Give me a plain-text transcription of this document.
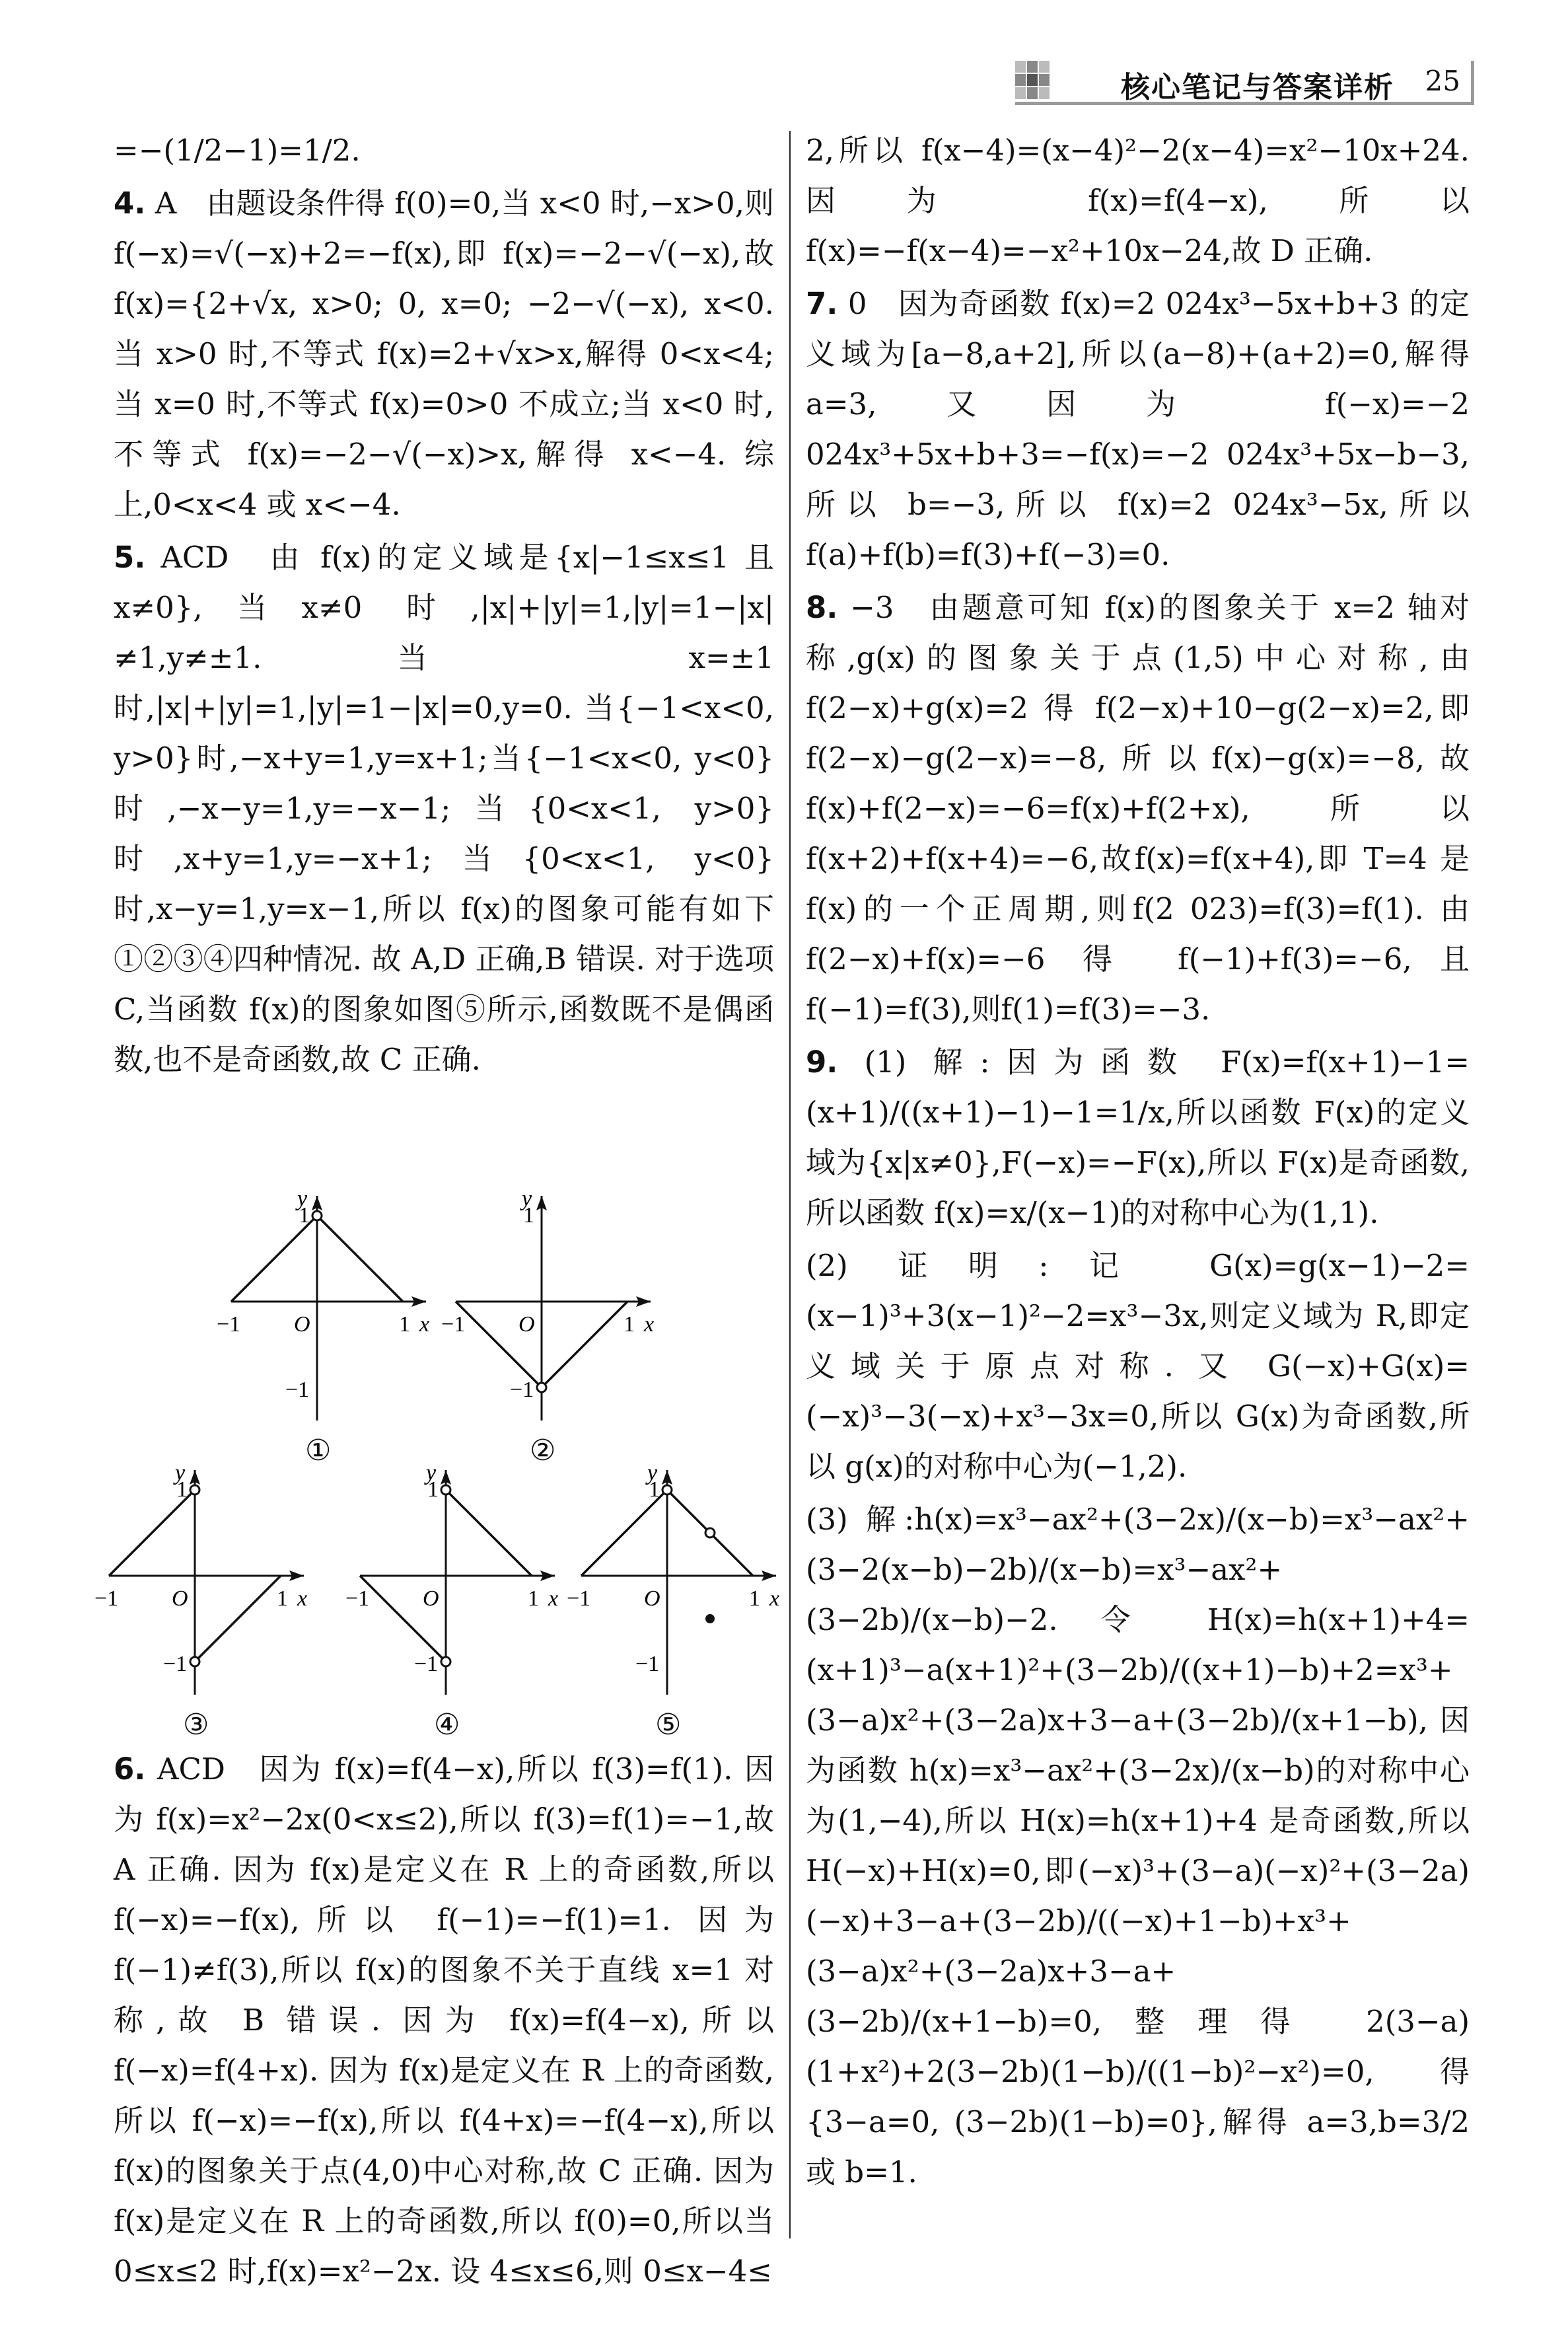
核心笔记与答案详析 25

=−(1/2−1)=1/2.

4. A　由题设条件得 f(0)=0,当 x<0 时,−x>0,则 f(−x)=√(−x)+2=−f(x),即 f(x)=−2−√(−x),故 f(x)={2+√x, x>0; 0, x=0; −2−√(−x), x<0. 当 x>0 时,不等式 f(x)=2+√x>x,解得 0<x<4;当 x=0 时,不等式 f(x)=0>0 不成立;当 x<0 时,不等式 f(x)=−2−√(−x)>x,解得 x<−4. 综上,0<x<4 或 x<−4.

5. ACD　由 f(x)的定义域是{x|−1≤x≤1 且 x≠0},当x≠0 时,|x|+|y|=1,|y|=1−|x|≠1,y≠±1. 当 x=±1 时,|x|+|y|=1,|y|=1−|x|=0,y=0. 当{−1<x<0, y>0}时,−x+y=1,y=x+1;当{−1<x<0, y<0}时,−x−y=1,y=−x−1;当{0<x<1, y>0}时,x+y=1,y=−x+1;当{0<x<1, y<0}时,x−y=1,y=x−1,所以 f(x)的图象可能有如下①②③④四种情况. 故 A,D 正确,B 错误. 对于选项 C,当函数 f(x)的图象如图⑤所示,函数既不是偶函数,也不是奇函数,故 C 正确.

y
x
O	1
−1
1
−1
①
y
x
O	1
−1
1
−1
②
y
x
O	1
−1
1
−1
③
y
x
O	1
−1
1
−1
④
y
x
O	1
−1
1
−1
⑤

6. ACD　因为 f(x)=f(4−x),所以 f(3)=f(1). 因为 f(x)=x²−2x(0<x≤2),所以 f(3)=f(1)=−1,故 A 正确. 因为 f(x)是定义在 R 上的奇函数,所以 f(−x)=−f(x),所以 f(−1)=−f(1)=1. 因为 f(−1)≠f(3),所以 f(x)的图象不关于直线 x=1 对称,故 B 错误. 因为 f(x)=f(4−x),所以 f(−x)=f(4+x). 因为 f(x)是定义在 R 上的奇函数,所以 f(−x)=−f(x),所以 f(4+x)=−f(4−x),所以 f(x)的图象关于点(4,0)中心对称,故 C 正确. 因为 f(x)是定义在 R 上的奇函数,所以 f(0)=0,所以当 0≤x≤2 时,f(x)=x²−2x. 设 4≤x≤6,则 0≤x−4≤

2,所以 f(x−4)=(x−4)²−2(x−4)=x²−10x+24. 因为 f(x)=f(4−x),所以 f(x)=−f(x−4)=−x²+10x−24,故 D 正确.

7. 0　因为奇函数 f(x)=2 024x³−5x+b+3 的定义域为[a−8,a+2],所以(a−8)+(a+2)=0,解得 a=3,又因为 f(−x)=−2 024x³+5x+b+3=−f(x)=−2 024x³+5x−b−3,所以 b=−3,所以 f(x)=2 024x³−5x,所以 f(a)+f(b)=f(3)+f(−3)=0.

8. −3　由题意可知 f(x)的图象关于 x=2 轴对称,g(x)的图象关于点(1,5)中心对称,由 f(2−x)+g(x)=2 得 f(2−x)+10−g(2−x)=2,即 f(2−x)−g(2−x)=−8,所以f(x)−g(x)=−8,故 f(x)+f(2−x)=−6=f(x)+f(2+x),所以 f(x+2)+f(x+4)=−6,故f(x)=f(x+4),即 T=4 是 f(x)的一个正周期,则f(2 023)=f(3)=f(1). 由 f(2−x)+f(x)=−6 得 f(−1)+f(3)=−6,且 f(−1)=f(3),则f(1)=f(3)=−3.

9. (1) 解:因为函数 F(x)=f(x+1)−1=(x+1)/((x+1)−1)−1=1/x,所以函数 F(x)的定义域为{x|x≠0},F(−x)=−F(x),所以 F(x)是奇函数,所以函数 f(x)=x/(x−1)的对称中心为(1,1).

(2) 证明:记 G(x)=g(x−1)−2=(x−1)³+3(x−1)²−2=x³−3x,则定义域为 R,即定义域关于原点对称. 又 G(−x)+G(x)=(−x)³−3(−x)+x³−3x=0,所以 G(x)为奇函数,所以 g(x)的对称中心为(−1,2).

(3) 解:h(x)=x³−ax²+(3−2x)/(x−b)=x³−ax²+(3−2(x−b)−2b)/(x−b)=x³−ax²+(3−2b)/(x−b)−2. 令 H(x)=h(x+1)+4=(x+1)³−a(x+1)²+(3−2b)/((x+1)−b)+2=x³+(3−a)x²+(3−2a)x+3−a+(3−2b)/(x+1−b),因为函数 h(x)=x³−ax²+(3−2x)/(x−b)的对称中心为(1,−4),所以 H(x)=h(x+1)+4 是奇函数,所以H(−x)+H(x)=0,即(−x)³+(3−a)(−x)²+(3−2a)(−x)+3−a+(3−2b)/((−x)+1−b)+x³+(3−a)x²+(3−2a)x+3−a+(3−2b)/(x+1−b)=0,整理得 2(3−a)(1+x²)+2(3−2b)(1−b)/((1−b)²−x²)=0,得{3−a=0, (3−2b)(1−b)=0},解得 a=3,b=3/2 或 b=1.
